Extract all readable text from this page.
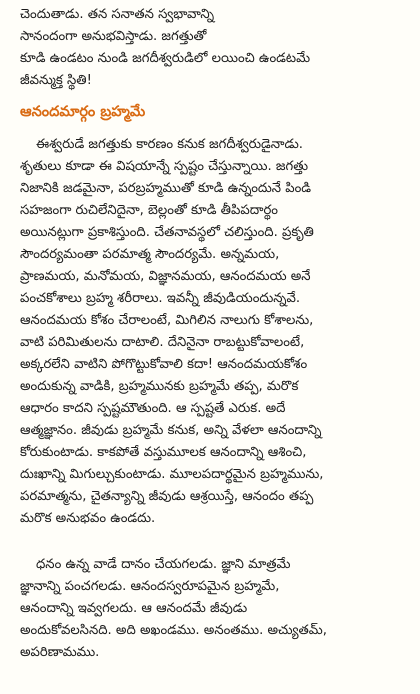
చెందుతాడు. తన సనాతన స్వభావాన్ని
సానందంగా అనుభవిస్తాడు. జగత్తుతో
కూడి ఉండటం నుండి జగదీశ్వరుడిలో లయించి ఉండటమే
జీవన్ముక్త స్థితి!
ఆనందమార్గం బ్రహ్మమే
ఈశ్వరుడే జగత్తుకు కారణం కనుక జగదీశ్వరుడైనాడు.
శృతులు కూడా ఈ విషయాన్నే స్పష్టం చేస్తున్నాయి. జగత్తు
నిజానికి జడమైనా, పరబ్రహ్మముతో కూడి ఉన్నందునే పిండి
సహజంగా రుచిలేనిదైనా, బెల్లంతో కూడి తీపిపదార్థం
అయినట్లుగా ప్రకాశిస్తుంది. చేతనావస్థలో చలిస్తుంది. ప్రకృతి
సౌందర్యమంతా పరమాత్మ సౌందర్యమే. అన్నమయ,
ప్రాణమయ, మనోమయ, విజ్ఞానమయ, ఆనందమయ అనే
పంచకోశాలు బ్రహ్మ శరీరాలు. ఇవన్నీ జీవుడియందున్నవే.
ఆనందమయ కోశం చేరాలంటే, మిగిలిన నాలుగు కోశాలను,
వాటి పరిమితులను దాటాలి. దేనినైనా రాబట్టుకోవాలంటే,
అక్కరలేని వాటిని పోగొట్టుకోవాలి కదా! ఆనందమయకోశం
అందుకున్న వాడికి, బ్రహ్మమునకు బ్రహ్మమే తప్ప, మరొక
ఆధారం కాదని స్పష్టమౌతుంది. ఆ స్పష్టతే ఎరుక. అదే
ఆత్మజ్ఞానం. జీవుడు బ్రహ్మమే కనుక, అన్ని వేళలా ఆనందాన్ని
కోరుకుంటాడు. కాకపోతే వస్తుమూలక ఆనందాన్ని ఆశించి,
దుఃఖాన్ని మిగుల్చుకుంటాడు. మూలపదార్థమైన బ్రహ్మమును,
పరమాత్మను, చైతన్యాన్ని జీవుడు ఆశ్రయిస్తే, ఆనందం తప్ప
మరొక అనుభవం ఉండదు.
ధనం ఉన్న వాడే దానం చేయగలడు. జ్ఞాని మాత్రమే
జ్ఞానాన్ని పంచగలడు. ఆనందస్వరూపమైన బ్రహ్మమే,
ఆనందాన్ని ఇవ్వగలదు. ఆ ఆనందమే జీవుడు
అందుకోవలసినది. అది అఖండము. అనంతము. అచ్యుతమ్,
అపరిణామము.
